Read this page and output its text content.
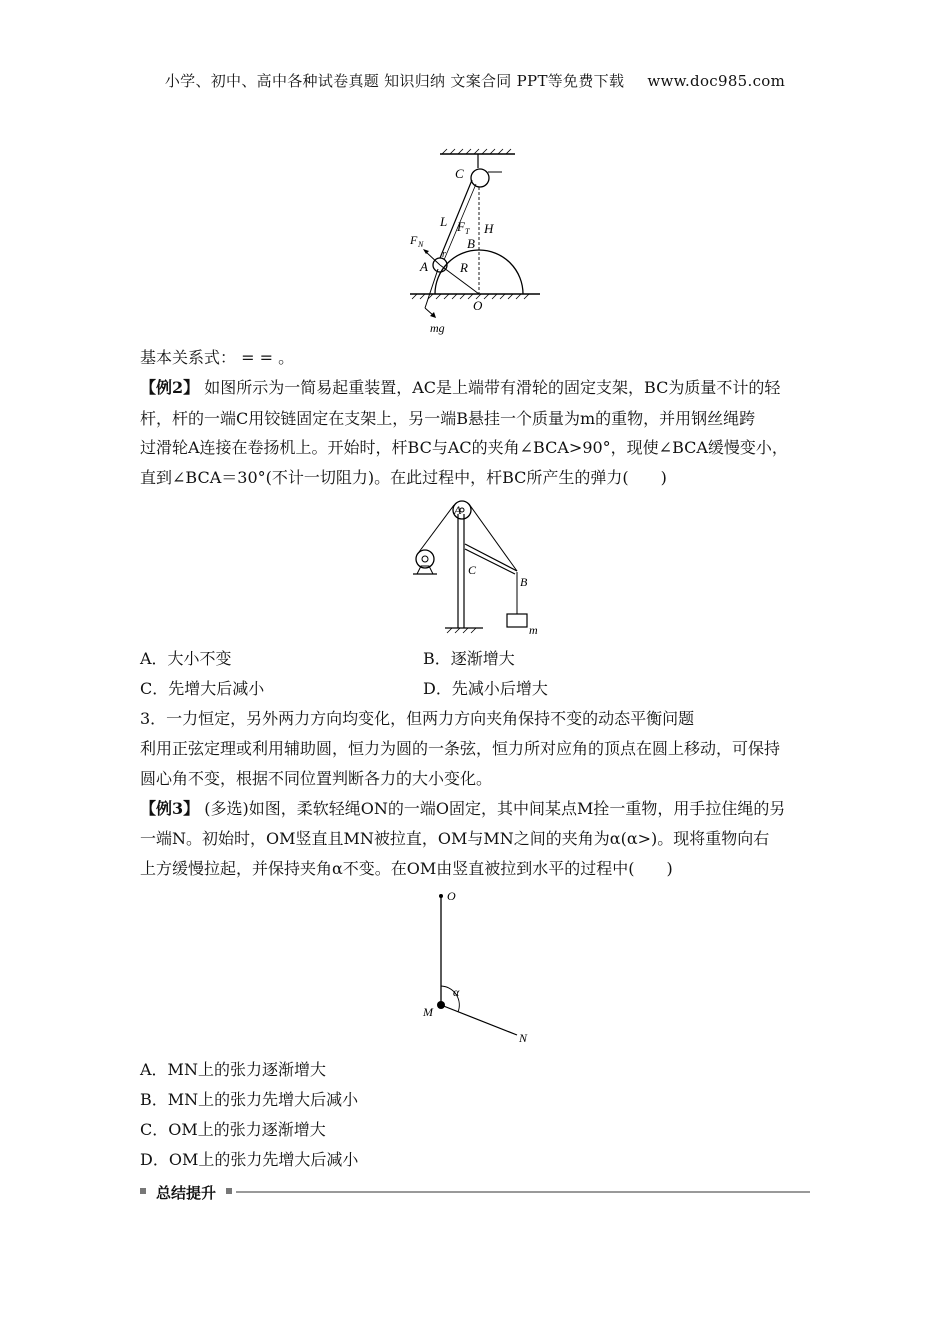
小学、初中、高中各种试卷真题 知识归纳 文案合同 PPT等免费下载 www.doc985.com
C
L F T H
F N	B
A
r
R
O
mg
基本关系式： = = 。
【例2】 如图所示为一简易起重装置，AC是上端带有滑轮的固定支架，BC为质量不计的轻
杆，杆的一端C用铰链固定在支架上，另一端B悬挂一个质量为m的重物，并用钢丝绳跨
过滑轮A连接在卷扬机上。开始时，杆BC与AC的夹角∠BCA>90°，现使∠BCA缓慢变小，
直到∠BCA＝30°(不计一切阻力)。在此过程中，杆BC所产生的弹力(　　)
A
C
B
m
A．大小不变	B．逐渐增大
C．先增大后减小	D．先减小后增大
3．一力恒定，另外两力方向均变化，但两力方向夹角保持不变的动态平衡问题
利用正弦定理或利用辅助圆，恒力为圆的一条弦，恒力所对应角的顶点在圆上移动，可保持
圆心角不变，根据不同位置判断各力的大小变化。
【例3】 (多选)如图，柔软轻绳ON的一端O固定，其中间某点M拴一重物，用手拉住绳的另
一端N。初始时，OM竖直且MN被拉直，OM与MN之间的夹角为α(α>)。现将重物向右
上方缓慢拉起，并保持夹角α不变。在OM由竖直被拉到水平的过程中(　　)
O
M
N
α
A．MN上的张力逐渐增大
B．MN上的张力先增大后减小
C．OM上的张力逐渐增大
D．OM上的张力先增大后减小
总结提升
